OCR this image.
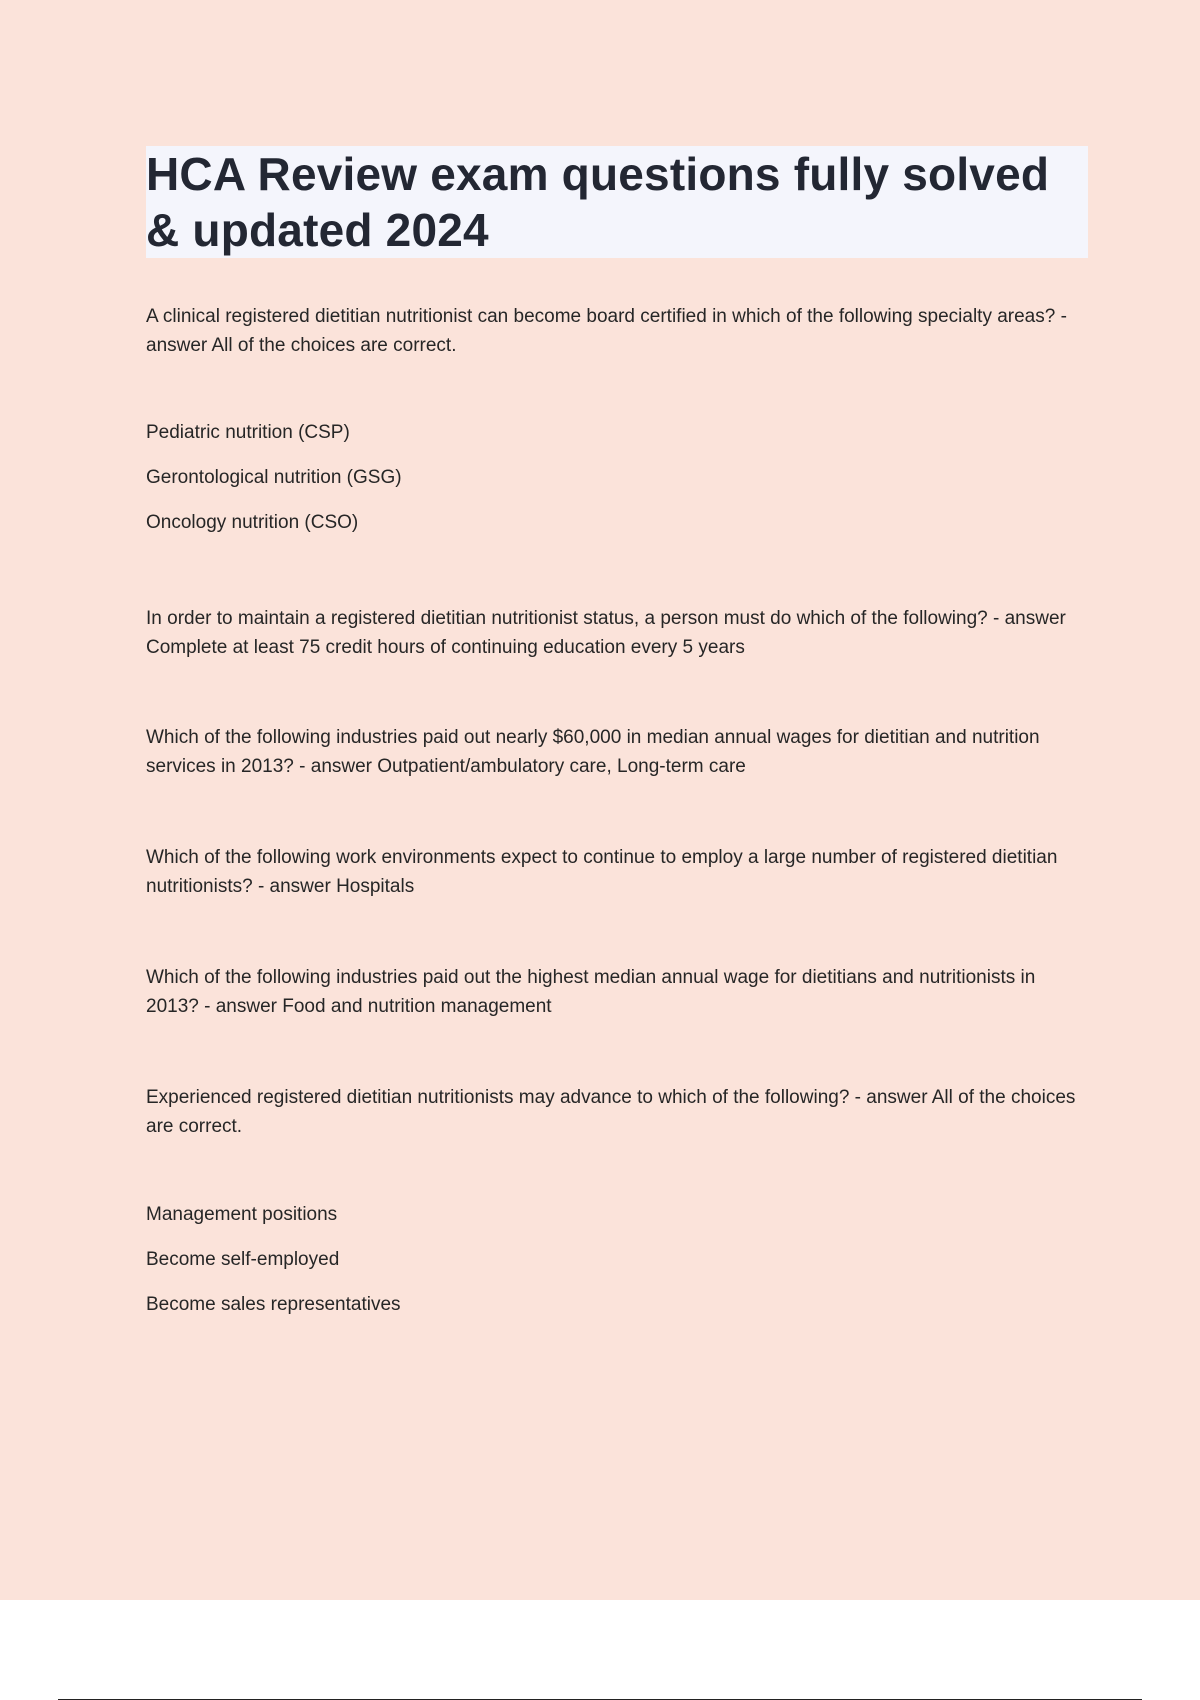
HCA Review exam questions fully solved & updated 2024

A clinical registered dietitian nutritionist can become board certified in which of the following specialty areas? - answer All of the choices are correct.

Pediatric nutrition (CSP)

Gerontological nutrition (GSG)

Oncology nutrition (CSO)

In order to maintain a registered dietitian nutritionist status, a person must do which of the following? - answer Complete at least 75 credit hours of continuing education every 5 years

Which of the following industries paid out nearly $60,000 in median annual wages for dietitian and nutrition services in 2013? - answer Outpatient/ambulatory care, Long-term care

Which of the following work environments expect to continue to employ a large number of registered dietitian nutritionists? - answer Hospitals

Which of the following industries paid out the highest median annual wage for dietitians and nutritionists in 2013? - answer Food and nutrition management

Experienced registered dietitian nutritionists may advance to which of the following? - answer All of the choices are correct.

Management positions

Become self-employed

Become sales representatives
